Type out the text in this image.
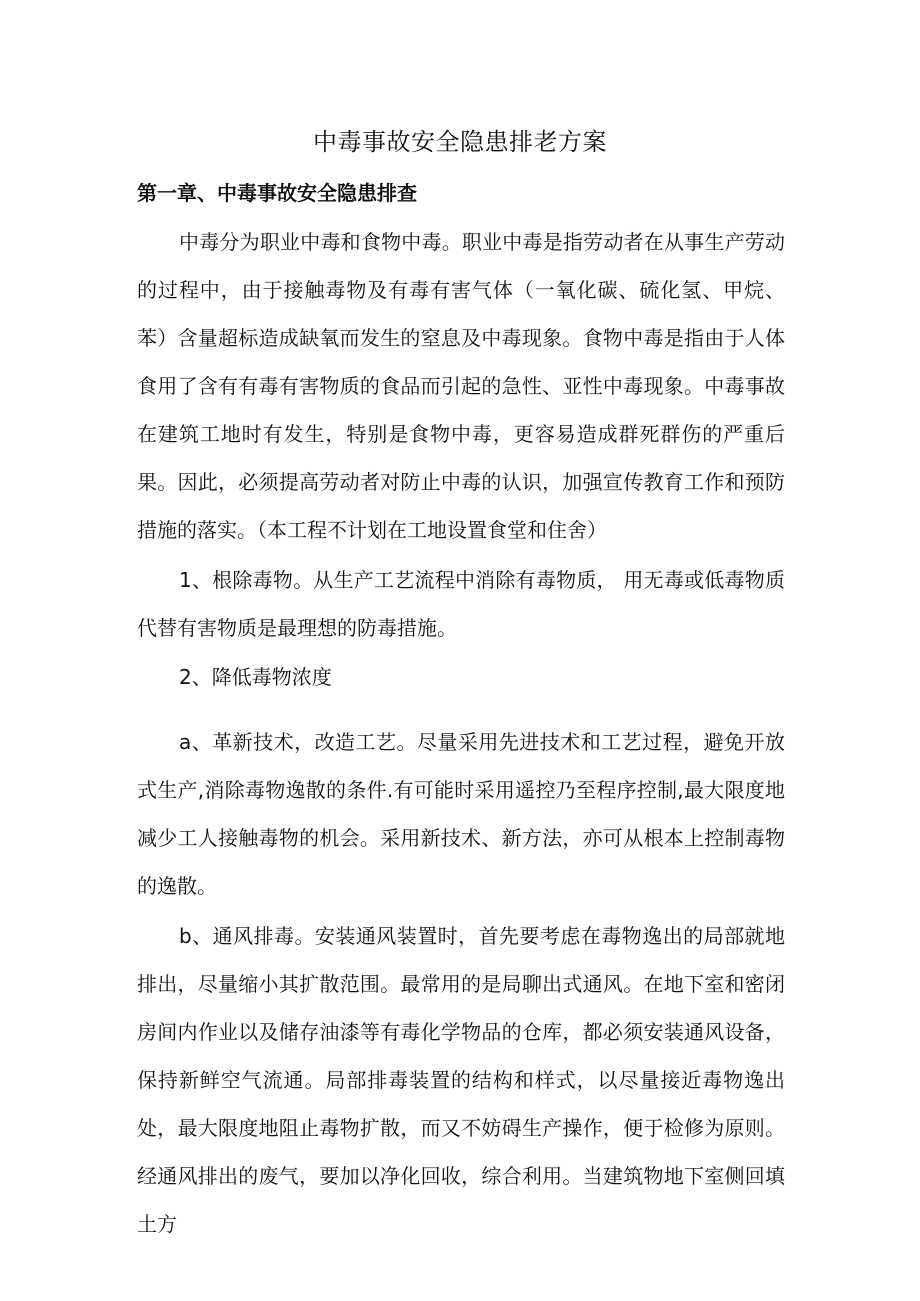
中毒事故安全隐患排老方案
第一章、中毒事故安全隐患排查

中毒分为职业中毒和食物中毒。职业中毒是指劳动者在从事生产劳动的过程中，由于接触毒物及有毒有害气体（一氧化碳、硫化氢、甲烷、苯）含量超标造成缺氧而发生的窒息及中毒现象。食物中毒是指由于人体食用了含有有毒有害物质的食品而引起的急性、亚性中毒现象。中毒事故在建筑工地时有发生，特别是食物中毒，更容易造成群死群伤的严重后果。因此，必须提高劳动者对防止中毒的认识，加强宣传教育工作和预防措施的落实。（本工程不计划在工地设置食堂和住舍）

1、根除毒物。从生产工艺流程中消除有毒物质， 用无毒或低毒物质代替有害物质是最理想的防毒措施。

2、降低毒物浓度

a、革新技术，改造工艺。尽量采用先进技术和工艺过程，避免开放式生产,消除毒物逸散的条件.有可能时采用遥控乃至程序控制,最大限度地减少工人接触毒物的机会。采用新技术、新方法，亦可从根本上控制毒物的逸散。

b、通风排毒。安装通风装置时，首先要考虑在毒物逸出的局部就地排出，尽量缩小其扩散范围。最常用的是局聊出式通风。在地下室和密闭房间内作业以及储存油漆等有毒化学物品的仓库，都必须安装通风设备，保持新鲜空气流通。局部排毒装置的结构和样式，以尽量接近毒物逸出处，最大限度地阻止毒物扩散，而又不妨碍生产操作，便于检修为原则。经通风排出的废气，要加以净化回收，综合利用。当建筑物地下室侧回填土方
